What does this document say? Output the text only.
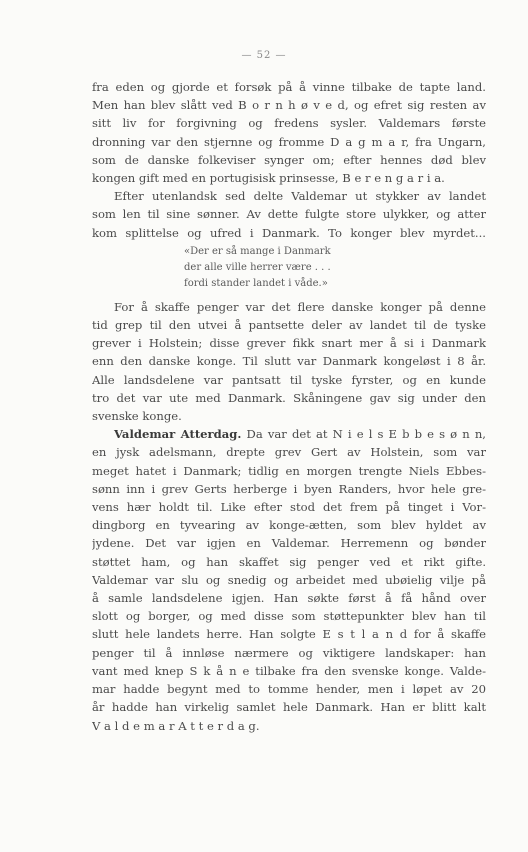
— 52 —
fra eden og gjorde et forsøk på å vinne tilbake de tapte land.
Men han blev slått ved B o r n h ø v e d, og efret sig resten av
sitt liv for forgivning og fredens sysler. Valdemars første
dronning var den stjernne og fromme D a g m a r, fra Ungarn,
som de danske folkeviser synger om; efter hennes død blev
kongen gift med en portugisisk prinsesse, B e r e n g a r i a.
Efter utenlandsk sed delte Valdemar ut stykker av landet
som len til sine sønner. Av dette fulgte store ulykker, og atter
kom splittelse og ufred i Danmark. To konger blev myrdet...
«Der er så mange i Danmark
der alle ville herrer være . . .
fordi stander landet i våde.»
For å skaffe penger var det flere danske konger på denne
tid grep til den utvei å pantsette deler av landet til de tyske
grever i Holstein; disse grever fikk snart mer å si i Danmark
enn den danske konge. Til slutt var Danmark kongeløst i 8 år.
Alle landsdelene var pantsatt til tyske fyrster, og en kunde
tro det var ute med Danmark. Skåningene gav sig under den
svenske konge.
Valdemar Atterdag. Da var det at N i e l s E b b e s ø n n,
en jysk adelsmann, drepte grev Gert av Holstein, som var
meget hatet i Danmark; tidlig en morgen trengte Niels Ebbes-
sønn inn i grev Gerts herberge i byen Randers, hvor hele gre-
vens hær holdt til. Like efter stod det frem på tinget i Vor-
dingborg en tyvearing av konge-ætten, som blev hyldet av
jydene. Det var igjen en Valdemar. Herremenn og bønder
støttet ham, og han skaffet sig penger ved et rikt gifte.
Valdemar var slu og snedig og arbeidet med ubøielig vilje på
å samle landsdelene igjen. Han søkte først å få hånd over
slott og borger, og med disse som støttepunkter blev han til
slutt hele landets herre. Han solgte E s t l a n d for å skaffe
penger til å innløse nærmere og viktigere landskaper: han
vant med knep S k å n e tilbake fra den svenske konge. Valde-
mar hadde begynt med to tomme hender, men i løpet av 20
år hadde han virkelig samlet hele Danmark. Han er blitt kalt
V a l d e m a r A t t e r d a g.
